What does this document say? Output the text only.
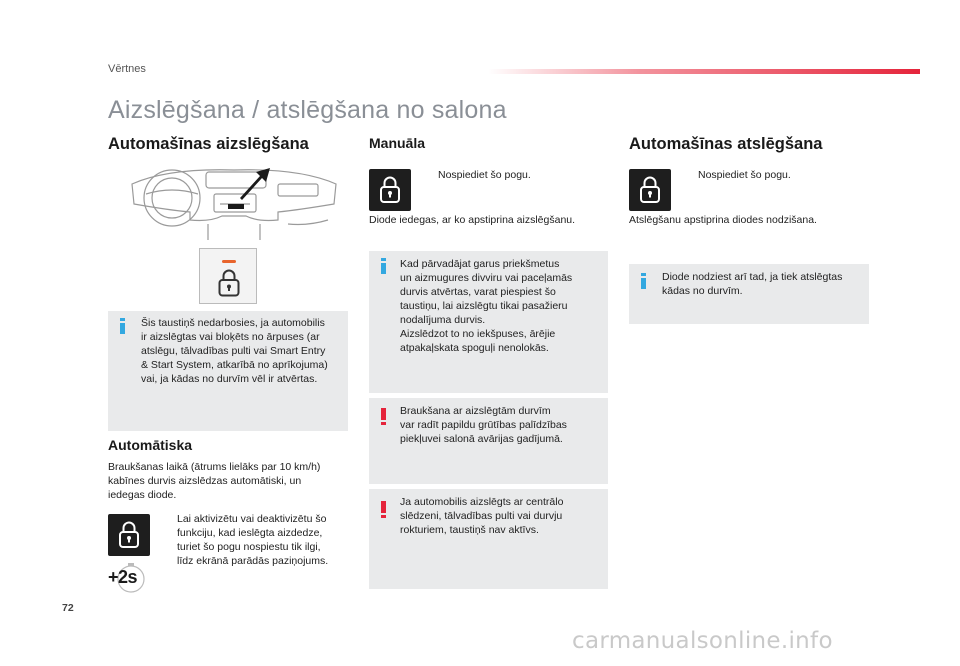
Vērtnes
Aizslēgšana / atslēgšana no salona
Automašīnas aizslēgšana
Šis taustiņš nedarbosies, ja automobilis
ir aizslēgtas vai bloķēts no ārpuses (ar
atslēgu, tālvadības pulti vai Smart Entry
& Start System, atkarībā no aprīkojuma)
vai, ja kādas no durvīm vēl ir atvērtas.
Automātiska
Braukšanas laikā (ātrums lielāks par 10 km/h)
kabīnes durvis aizslēdzas automātiski, un
iedegas diode.
Lai aktivizētu vai deaktivizētu šo
funkciju, kad ieslēgta aizdedze,
turiet šo pogu nospiestu tik ilgi,
līdz ekrānā parādās paziņojums.
+2s
Manuāla
Nospiediet šo pogu.
Diode iedegas, ar ko apstiprina aizslēgšanu.
Kad pārvadājat garus priekšmetus
un aizmugures divviru vai paceļamās
durvis atvērtas, varat piespiest šo
taustiņu, lai aizslēgtu tikai pasažieru
nodalījuma durvis.
Aizslēdzot to no iekšpuses, ārējie
atpakaļskata spoguļi nenolokās.
Braukšana ar aizslēgtām durvīm
var radīt papildu grūtības palīdzības
piekļuvei salonā avārijas gadījumā.
Ja automobilis aizslēgts ar centrālo
slēdzeni, tālvadības pulti vai durvju
rokturiem, taustiņš nav aktīvs.
Automašīnas atslēgšana
Nospiediet šo pogu.
Atslēgšanu apstiprina diodes nodzišana.
Diode nodziest arī tad, ja tiek atslēgtas
kādas no durvīm.
72
carmanualsonline.info
